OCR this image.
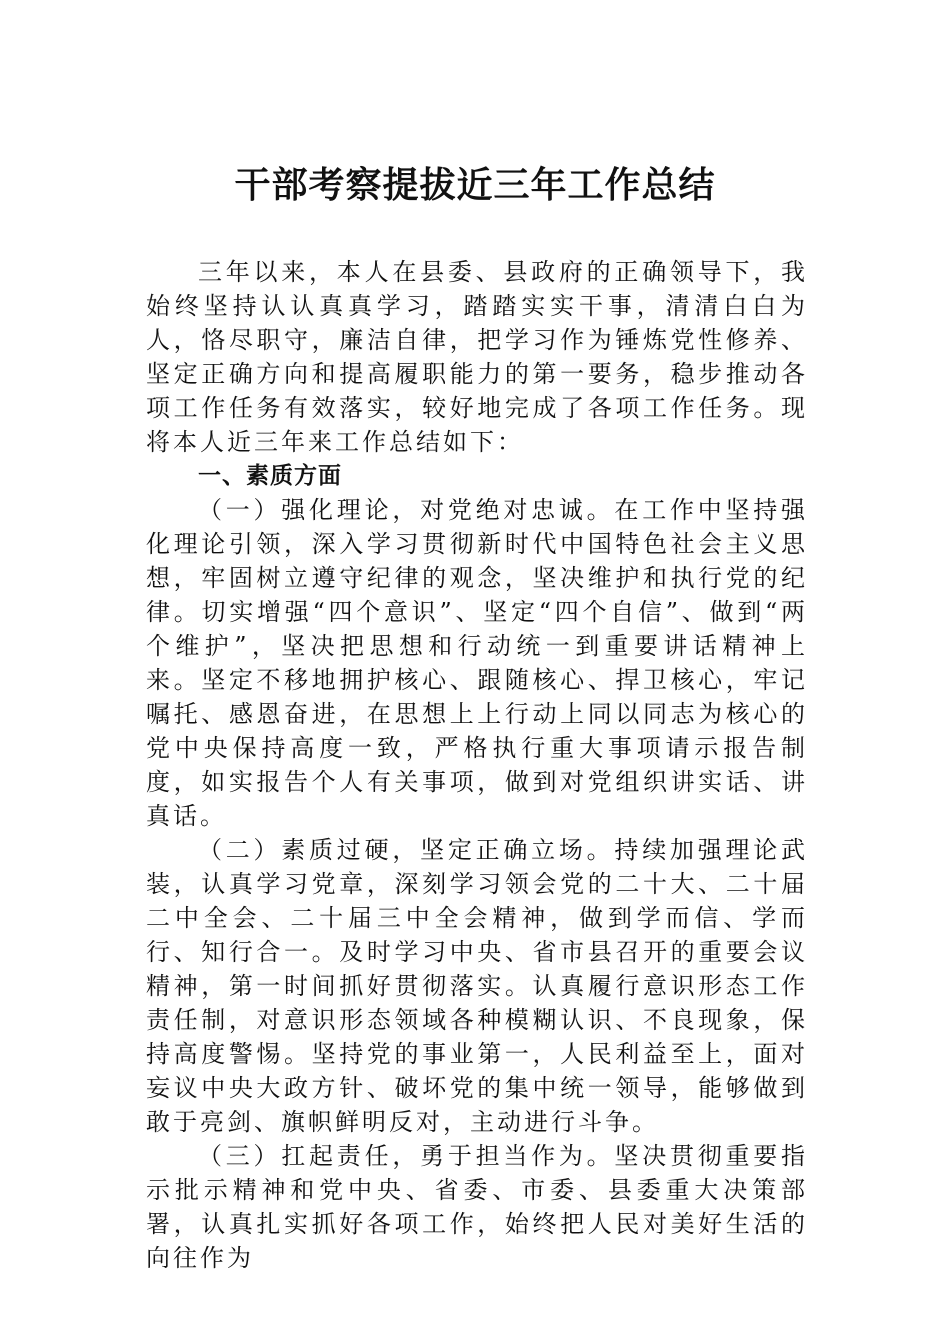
干部考察提拔近三年工作总结

三年以来，本人在县委、县政府的正确领导下，我始终坚持认认真真学习，踏踏实实干事，清清白白为人，恪尽职守，廉洁自律，把学习作为锤炼党性修养、坚定正确方向和提高履职能力的第一要务，稳步推动各项工作任务有效落实，较好地完成了各项工作任务。现将本人近三年来工作总结如下：

一、素质方面

（一）强化理论，对党绝对忠诚。在工作中坚持强化理论引领，深入学习贯彻新时代中国特色社会主义思想，牢固树立遵守纪律的观念，坚决维护和执行党的纪律。切实增强“四个意识”、坚定“四个自信”、做到“两个维护”，坚决把思想和行动统一到重要讲话精神上来。坚定不移地拥护核心、跟随核心、捍卫核心，牢记嘱托、感恩奋进，在思想上上行动上同以同志为核心的党中央保持高度一致，严格执行重大事项请示报告制度，如实报告个人有关事项，做到对党组织讲实话、讲真话。

（二）素质过硬，坚定正确立场。持续加强理论武装，认真学习党章，深刻学习领会党的二十大、二十届二中全会、二十届三中全会精神，做到学而信、学而行、知行合一。及时学习中央、省市县召开的重要会议精神，第一时间抓好贯彻落实。认真履行意识形态工作责任制，对意识形态领域各种模糊认识、不良现象，保持高度警惕。坚持党的事业第一，人民利益至上，面对妄议中央大政方针、破坏党的集中统一领导，能够做到敢于亮剑、旗帜鲜明反对，主动进行斗争。

（三）扛起责任，勇于担当作为。坚决贯彻重要指示批示精神和党中央、省委、市委、县委重大决策部署，认真扎实抓好各项工作，始终把人民对美好生活的向往作为
